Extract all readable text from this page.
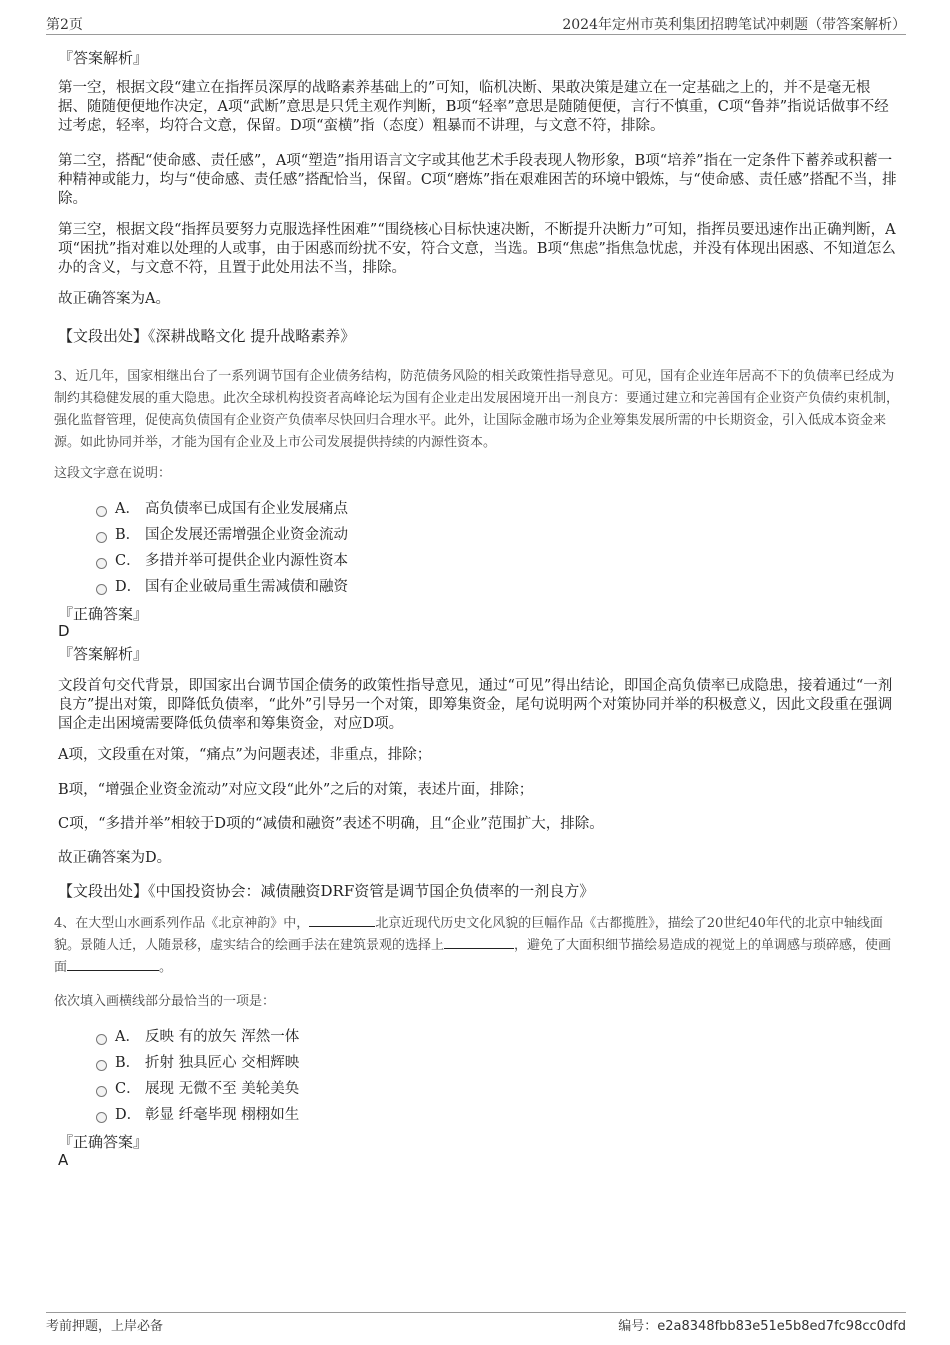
第2页	2024年定州市英利集团招聘笔试冲刺题（带答案解析）
『答案解析』
第一空，根据文段“建立在指挥员深厚的战略素养基础上的”可知，临机决断、果敢决策是建立在一定基础之上的，并不是毫无根据、随随便便地作决定，A项“武断”意思是只凭主观作判断，B项“轻率”意思是随随便便，言行不慎重，C项“鲁莽”指说话做事不经过考虑，轻率，均符合文意，保留。D项“蛮横”指（态度）粗暴而不讲理，与文意不符，排除。
第二空，搭配“使命感、责任感”，A项“塑造”指用语言文字或其他艺术手段表现人物形象，B项“培养”指在一定条件下蓄养或积蓄一种精神或能力，均与“使命感、责任感”搭配恰当，保留。C项“磨炼”指在艰难困苦的环境中锻炼，与“使命感、责任感”搭配不当，排除。
第三空，根据文段“指挥员要努力克服选择性困难”“围绕核心目标快速决断，不断提升决断力”可知，指挥员要迅速作出正确判断，A项“困扰”指对难以处理的人或事，由于困惑而纷扰不安，符合文意，当选。B项“焦虑”指焦急忧虑，并没有体现出困惑、不知道怎么办的含义，与文意不符，且置于此处用法不当，排除。
故正确答案为A。
【文段出处】《深耕战略文化 提升战略素养》
3、近几年，国家相继出台了一系列调节国有企业债务结构，防范债务风险的相关政策性指导意见。可见，国有企业连年居高不下的负债率已经成为制约其稳健发展的重大隐患。此次全球机构投资者高峰论坛为国有企业走出发展困境开出一剂良方：要通过建立和完善国有企业资产负债约束机制，强化监督管理，促使高负债国有企业资产负债率尽快回归合理水平。此外，让国际金融市场为企业筹集发展所需的中长期资金，引入低成本资金来源。如此协同并举，才能为国有企业及上市公司发展提供持续的内源性资本。
这段文字意在说明：
A． 高负债率已成国有企业发展痛点
B． 国企发展还需增强企业资金流动
C． 多措并举可提供企业内源性资本
D． 国有企业破局重生需减债和融资
『正确答案』
D
『答案解析』
文段首句交代背景，即国家出台调节国企债务的政策性指导意见，通过“可见”得出结论，即国企高负债率已成隐患，接着通过“一剂良方”提出对策，即降低负债率，“此外”引导另一个对策，即筹集资金，尾句说明两个对策协同并举的积极意义，因此文段重在强调国企走出困境需要降低负债率和筹集资金，对应D项。
A项，文段重在对策，“痛点”为问题表述，非重点，排除；
B项，“增强企业资金流动”对应文段“此外”之后的对策，表述片面，排除；
C项，“多措并举”相较于D项的“减债和融资”表述不明确，且“企业”范围扩大，排除。
故正确答案为D。
【文段出处】《中国投资协会：减债融资DRF资管是调节国企负债率的一剂良方》
4、在大型山水画系列作品《北京神韵》中，	北京近现代历史文化风貌的巨幅作品《古都揽胜》，描绘了20世纪40年代的北京中轴线面貌。景随人迁，人随景移，虚实结合的绘画手法在建筑景观的选择上	，避免了大面积细节描绘易造成的视觉上的单调感与琐碎感，使画面	。
依次填入画横线部分最恰当的一项是：
A． 反映 有的放矢 浑然一体
B． 折射 独具匠心 交相辉映
C． 展现 无微不至 美轮美奂
D． 彰显 纤毫毕现 栩栩如生
『正确答案』
A
考前押题，上岸必备	编号：e2a8348fbb83e51e5b8ed7fc98cc0dfd
